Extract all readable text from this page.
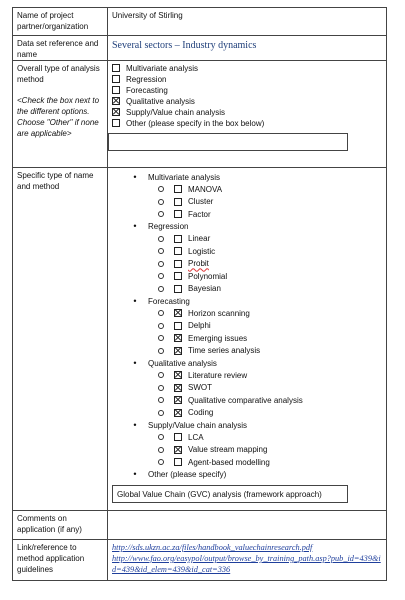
Name of project partner/organization
University of Stirling
Data set reference and name
Several sectors – Industry dynamics
Overall type of analysis method
<Check the box next to the different options. Choose "Other" if none are applicable>
Multivariate analysis
Regression
Forecasting
Qualitative analysis
Supply/Value chain analysis
Other (please specify in the box below)
Specific type of name and method
• Multivariate analysis
MANOVA
Cluster
Factor
• Regression
Linear
Logistic
Probit
Polynomial
Bayesian
• Forecasting
Horizon scanning
Delphi
Emerging issues
Time series analysis
• Qualitative analysis
Literature review
SWOT
Qualitative comparative analysis
Coding
• Supply/Value chain analysis
LCA
Value stream mapping
Agent-based modelling
• Other (please specify)
Global Value Chain (GVC) analysis (framework approach)
Comments on application (if any)
Link/reference to method application guidelines
http://sds.ukzn.ac.za/files/handbook_valuechainresearch.pdf
http://www.fao.org/easypol/output/browse_by_training_path.asp?pub_id=439&id=439&id_elem=439&id_cat=336
